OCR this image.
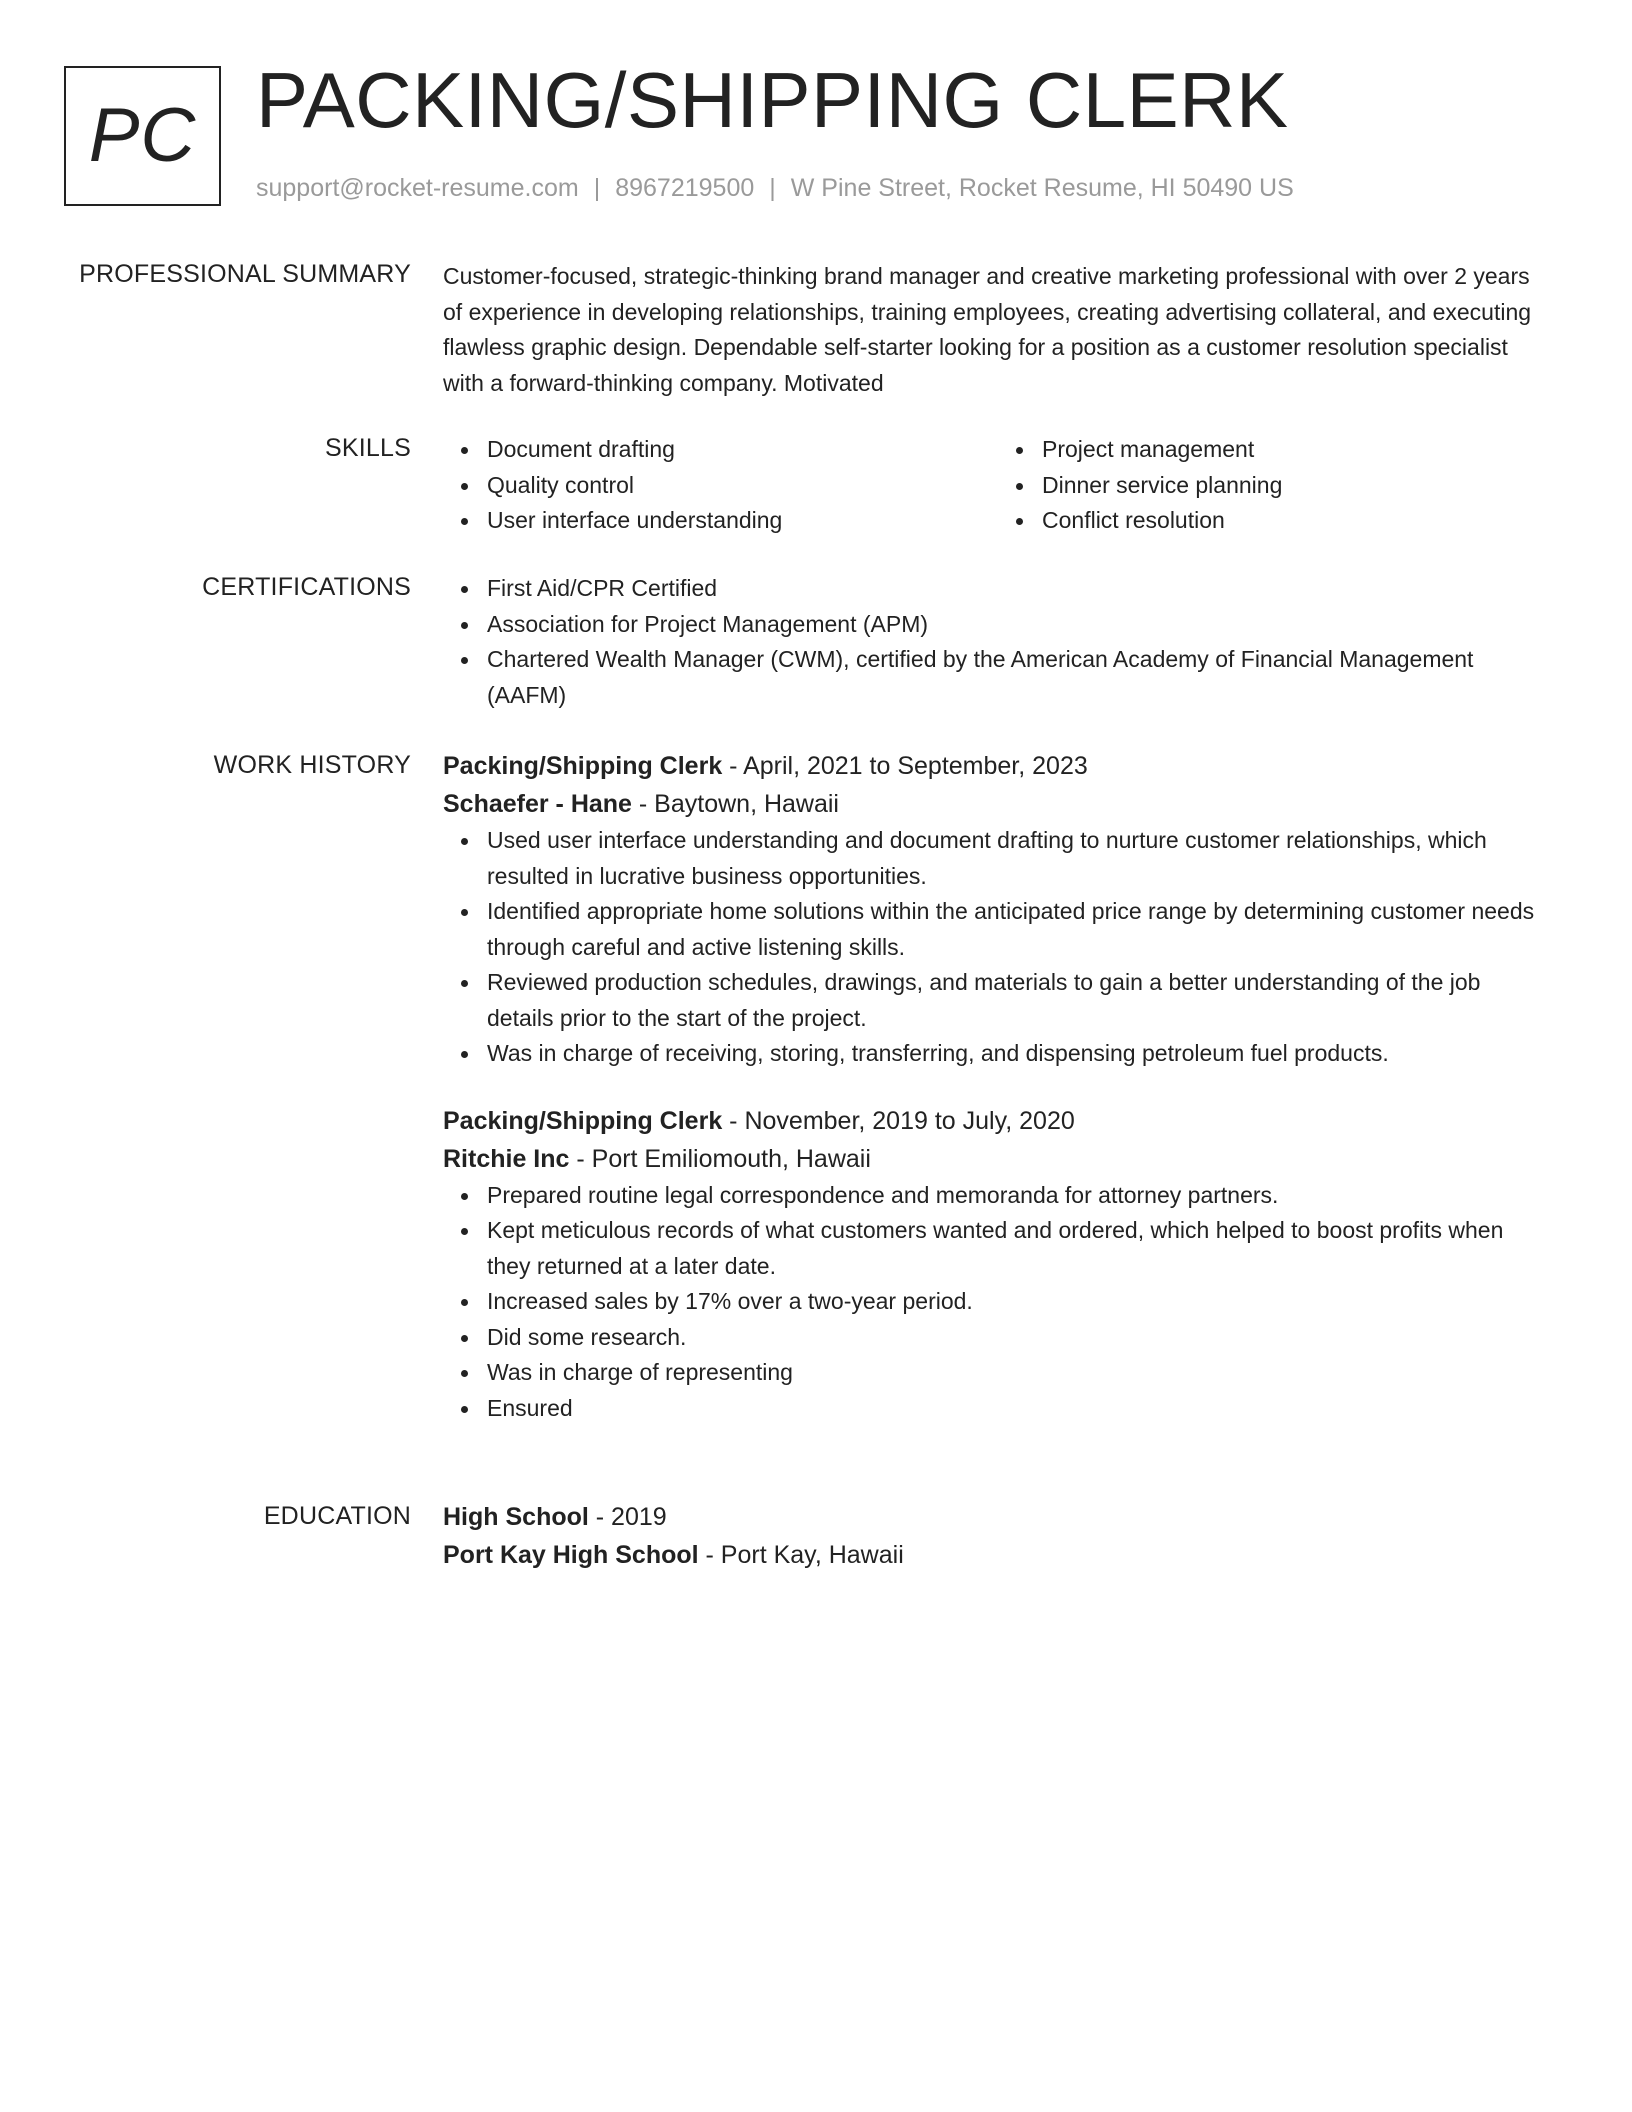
PC PACKING/SHIPPING CLERK
support@rocket-resume.com | 8967219500 | W Pine Street, Rocket Resume, HI 50490 US
PROFESSIONAL SUMMARY Customer-focused, strategic-thinking brand manager and creative marketing professional with over 2 years of experience in developing relationships, training employees, creating advertising collateral, and executing flawless graphic design. Dependable self-starter looking for a position as a customer resolution specialist with a forward-thinking company. Motivated

SKILLS	Document drafting
Quality control
User interface understanding
Project management
Dinner service planning
Conflict resolution
CERTIFICATIONS	First Aid/CPR Certified
Association for Project Management (APM)
Chartered Wealth Manager (CWM), certified by the American Academy of Financial Management (AAFM)
WORK HISTORY Packing/Shipping Clerk - April, 2021 to September, 2023
Schaefer - Hane - Baytown, Hawaii
Used user interface understanding and document drafting to nurture customer relationships, which resulted in lucrative business opportunities.
Identified appropriate home solutions within the anticipated price range by determining customer needs through careful and active listening skills.
Reviewed production schedules, drawings, and materials to gain a better understanding of the job details prior to the start of the project.
Was in charge of receiving, storing, transferring, and dispensing petroleum fuel products.
Packing/Shipping Clerk - November, 2019 to July, 2020
Ritchie Inc - Port Emiliomouth, Hawaii
Prepared routine legal correspondence and memoranda for attorney partners.
Kept meticulous records of what customers wanted and ordered, which helped to boost profits when they returned at a later date.
Increased sales by 17% over a two-year period.
Did some research.
Was in charge of representing
Ensured
EDUCATION High School - 2019
Port Kay High School - Port Kay, Hawaii
